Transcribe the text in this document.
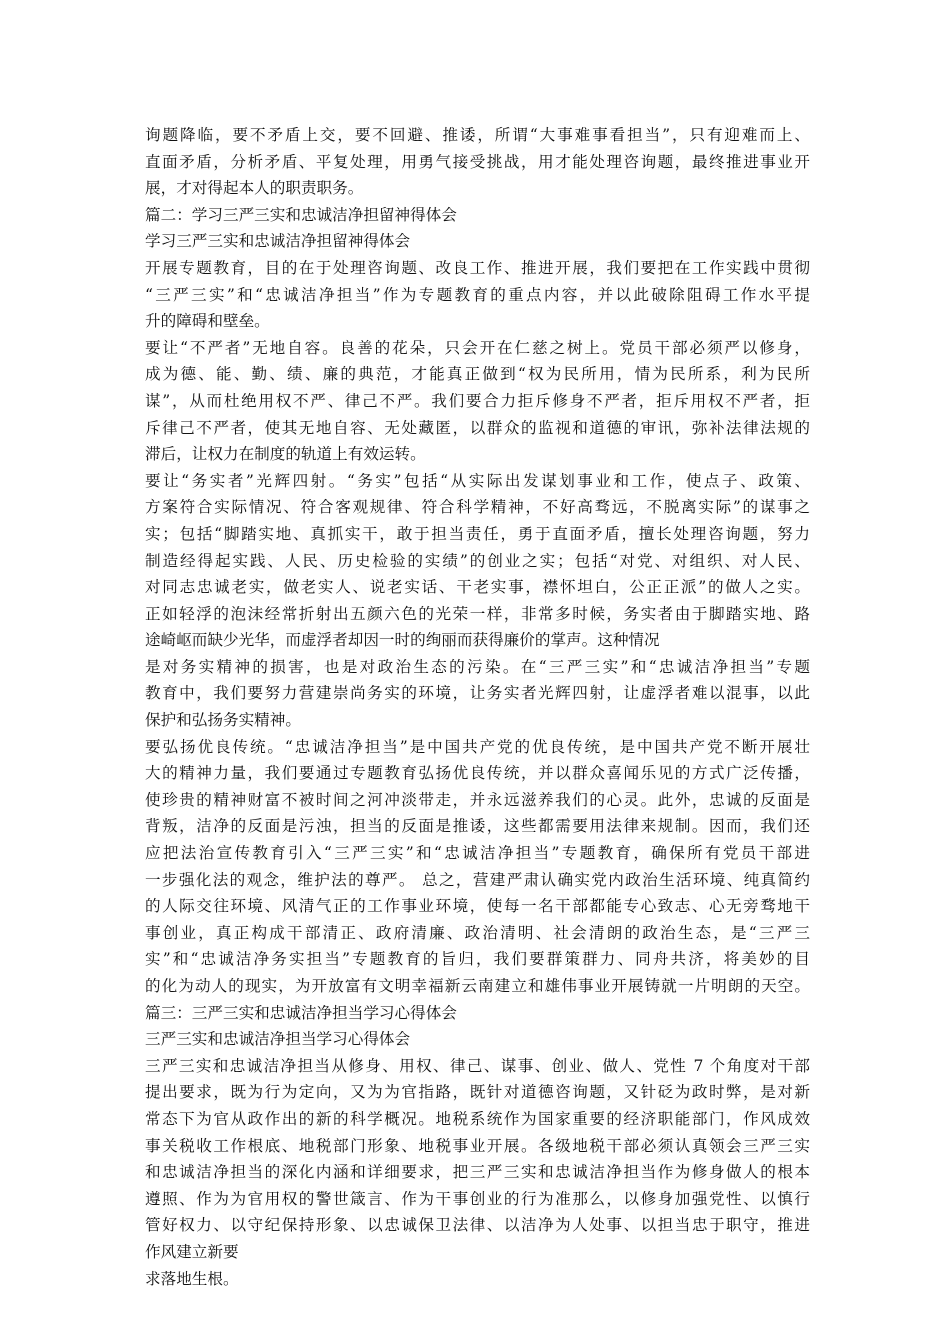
询题降临，要不矛盾上交，要不回避、推诿，所谓“大事难事看担当”，只有迎难而上、
直面矛盾，分析矛盾、平复处理，用勇气接受挑战，用才能处理咨询题，最终推进事业开
展，才对得起本人的职责职务。
篇二：学习三严三实和忠诚洁净担留神得体会
学习三严三实和忠诚洁净担留神得体会
开展专题教育，目的在于处理咨询题、改良工作、推进开展，我们要把在工作实践中贯彻
“三严三实”和“忠诚洁净担当”作为专题教育的重点内容，并以此破除阻碍工作水平提
升的障碍和壁垒。
要让“不严者”无地自容。良善的花朵，只会开在仁慈之树上。党员干部必须严以修身，
成为德、能、勤、绩、廉的典范，才能真正做到“权为民所用，情为民所系，利为民所
谋”，从而杜绝用权不严、律己不严。我们要合力拒斥修身不严者，拒斥用权不严者，拒
斥律己不严者，使其无地自容、无处藏匿，以群众的监视和道德的审讯，弥补法律法规的
滞后，让权力在制度的轨道上有效运转。
要让“务实者”光辉四射。“务实”包括“从实际出发谋划事业和工作，使点子、政策、
方案符合实际情况、符合客观规律、符合科学精神，不好高骛远，不脱离实际”的谋事之
实；包括“脚踏实地、真抓实干，敢于担当责任，勇于直面矛盾，擅长处理咨询题，努力
制造经得起实践、人民、历史检验的实绩”的创业之实；包括“对党、对组织、对人民、
对同志忠诚老实，做老实人、说老实话、干老实事，襟怀坦白，公正正派”的做人之实。
正如轻浮的泡沫经常折射出五颜六色的光荣一样，非常多时候，务实者由于脚踏实地、路
途崎岖而缺少光华，而虚浮者却因一时的绚丽而获得廉价的掌声。这种情况
是对务实精神的损害，也是对政治生态的污染。在“三严三实”和“忠诚洁净担当”专题
教育中，我们要努力营建崇尚务实的环境，让务实者光辉四射，让虚浮者难以混事，以此
保护和弘扬务实精神。
要弘扬优良传统。“忠诚洁净担当”是中国共产党的优良传统，是中国共产党不断开展壮
大的精神力量，我们要通过专题教育弘扬优良传统，并以群众喜闻乐见的方式广泛传播，
使珍贵的精神财富不被时间之河冲淡带走，并永远滋养我们的心灵。此外，忠诚的反面是
背叛，洁净的反面是污浊，担当的反面是推诿，这些都需要用法律来规制。因而，我们还
应把法治宣传教育引入“三严三实”和“忠诚洁净担当”专题教育，确保所有党员干部进
一步强化法的观念，维护法的尊严。 总之，营建严肃认确实党内政治生活环境、纯真简约
的人际交往环境、风清气正的工作事业环境，使每一名干部都能专心致志、心无旁骛地干
事创业，真正构成干部清正、政府清廉、政治清明、社会清朗的政治生态，是“三严三
实”和“忠诚洁净务实担当”专题教育的旨归，我们要群策群力、同舟共济，将美妙的目
的化为动人的现实，为开放富有文明幸福新云南建立和雄伟事业开展铸就一片明朗的天空。
篇三：三严三实和忠诚洁净担当学习心得体会
三严三实和忠诚洁净担当学习心得体会
三严三实和忠诚洁净担当从修身、用权、律己、谋事、创业、做人、党性 7 个角度对干部
提出要求，既为行为定向，又为为官指路，既针对道德咨询题，又针砭为政时弊，是对新
常态下为官从政作出的新的科学概况。地税系统作为国家重要的经济职能部门，作风成效
事关税收工作根底、地税部门形象、地税事业开展。各级地税干部必须认真领会三严三实
和忠诚洁净担当的深化内涵和详细要求，把三严三实和忠诚洁净担当作为修身做人的根本
遵照、作为为官用权的警世箴言、作为干事创业的行为准那么，以修身加强党性、以慎行
管好权力、以守纪保持形象、以忠诚保卫法律、以洁净为人处事、以担当忠于职守，推进
作风建立新要
求落地生根。
